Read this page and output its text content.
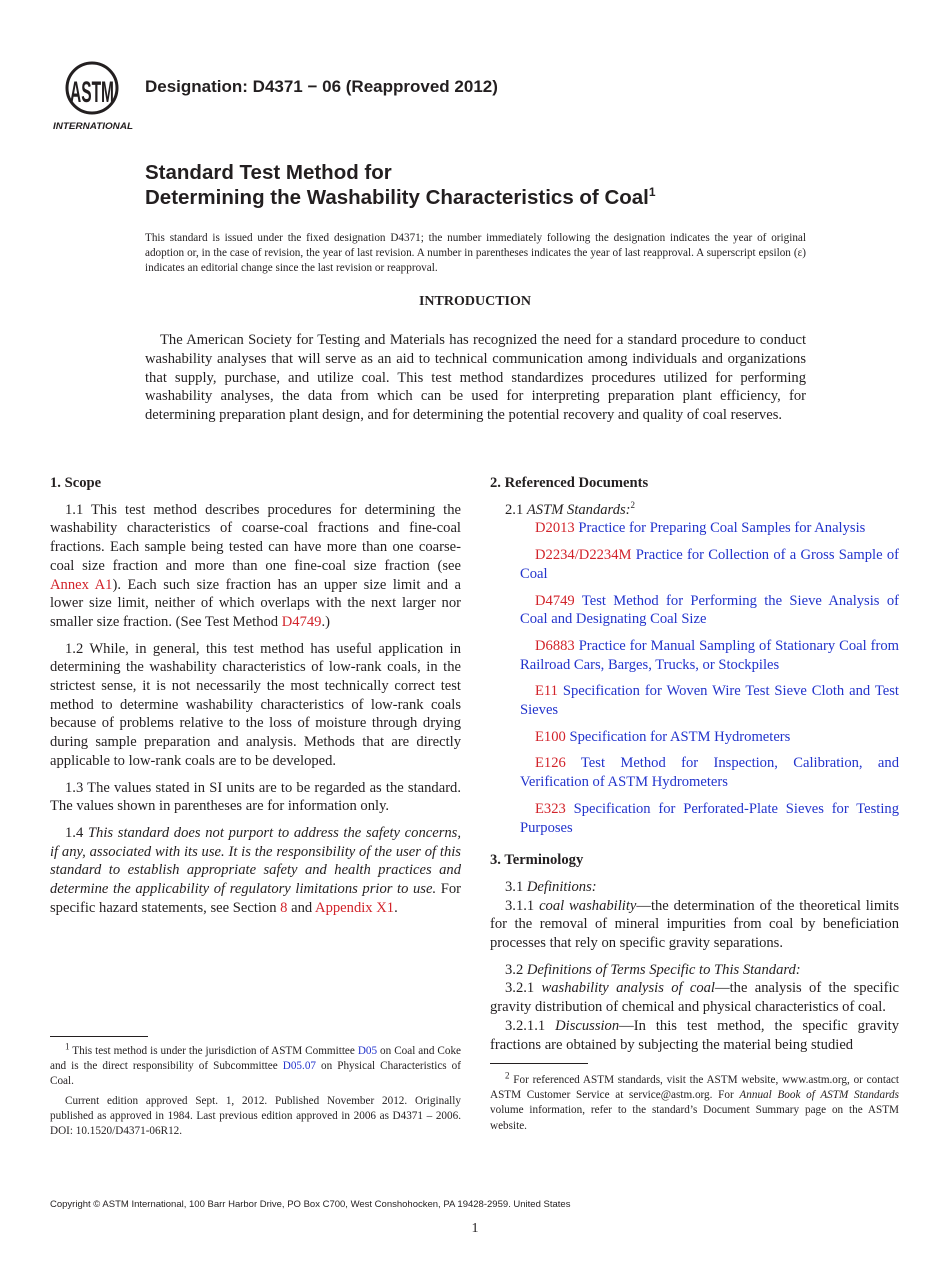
ASTM
INTERNATIONAL
Designation: D4371 − 06 (Reapproved 2012)
Standard Test Method for
Determining the Washability Characteristics of Coal$^1$
This standard is issued under the fixed designation D4371; the number immediately following the designation indicates the year of original adoption or, in the case of revision, the year of last revision. A number in parentheses indicates the year of last reapproval. A superscript epsilon (ε) indicates an editorial change since the last revision or reapproval.
INTRODUCTION
The American Society for Testing and Materials has recognized the need for a standard procedure to conduct washability analyses that will serve as an aid to technical communication among individuals and organizations that supply, purchase, and utilize coal. This test method standardizes procedures utilized for performing washability analyses, the data from which can be used for interpreting preparation plant efficiency, for determining preparation plant design, and for determining the potential recovery and quality of coal reserves.
1. Scope

1.1 This test method describes procedures for determining the washability characteristics of coarse-coal fractions and fine-coal fractions. Each sample being tested can have more than one coarse-coal size fraction and more than one fine-coal size fraction (see Annex A1). Each such size fraction has an upper size limit and a lower size limit, neither of which overlaps with the next larger nor smaller size fraction. (See Test Method D4749.)

1.2 While, in general, this test method has useful application in determining the washability characteristics of low-rank coals, in the strictest sense, it is not necessarily the most technically correct test method to determine washability characteristics of low-rank coals because of problems relative to the loss of moisture through drying during sample preparation and analysis. Methods that are directly applicable to low-rank coals are to be developed.

1.3 The values stated in SI units are to be regarded as the standard. The values shown in parentheses are for information only.

1.4 This standard does not purport to address the safety concerns, if any, associated with its use. It is the responsibility of the user of this standard to establish appropriate safety and health practices and determine the applicability of regulatory limitations prior to use. For specific hazard statements, see Section 8 and Appendix X1.

$^1$ This test method is under the jurisdiction of ASTM Committee D05 on Coal and Coke and is the direct responsibility of Subcommittee D05.07 on Physical Characteristics of Coal.

Current edition approved Sept. 1, 2012. Published November 2012. Originally published as approved in 1984. Last previous edition approved in 2006 as D4371 – 2006. DOI: 10.1520/D4371-06R12.

2. Referenced Documents

2.1 ASTM Standards:$^2$

D2013 Practice for Preparing Coal Samples for Analysis

D2234/D2234M Practice for Collection of a Gross Sample of Coal

D4749 Test Method for Performing the Sieve Analysis of Coal and Designating Coal Size

D6883 Practice for Manual Sampling of Stationary Coal from Railroad Cars, Barges, Trucks, or Stockpiles

E11 Specification for Woven Wire Test Sieve Cloth and Test Sieves

E100 Specification for ASTM Hydrometers

E126 Test Method for Inspection, Calibration, and Verification of ASTM Hydrometers

E323 Specification for Perforated-Plate Sieves for Testing Purposes

3. Terminology

3.1 Definitions:

3.1.1 coal washability—the determination of the theoretical limits for the removal of mineral impurities from coal by beneficiation processes that rely on specific gravity separations.

3.2 Definitions of Terms Specific to This Standard:

3.2.1 washability analysis of coal—the analysis of the specific gravity distribution of chemical and physical characteristics of coal.

3.2.1.1 Discussion—In this test method, the specific gravity fractions are obtained by subjecting the material being studied

$^2$ For referenced ASTM standards, visit the ASTM website, www.astm.org, or contact ASTM Customer Service at service@astm.org. For Annual Book of ASTM Standards volume information, refer to the standard’s Document Summary page on the ASTM website.

Copyright © ASTM International, 100 Barr Harbor Drive, PO Box C700, West Conshohocken, PA 19428-2959. United States
1
